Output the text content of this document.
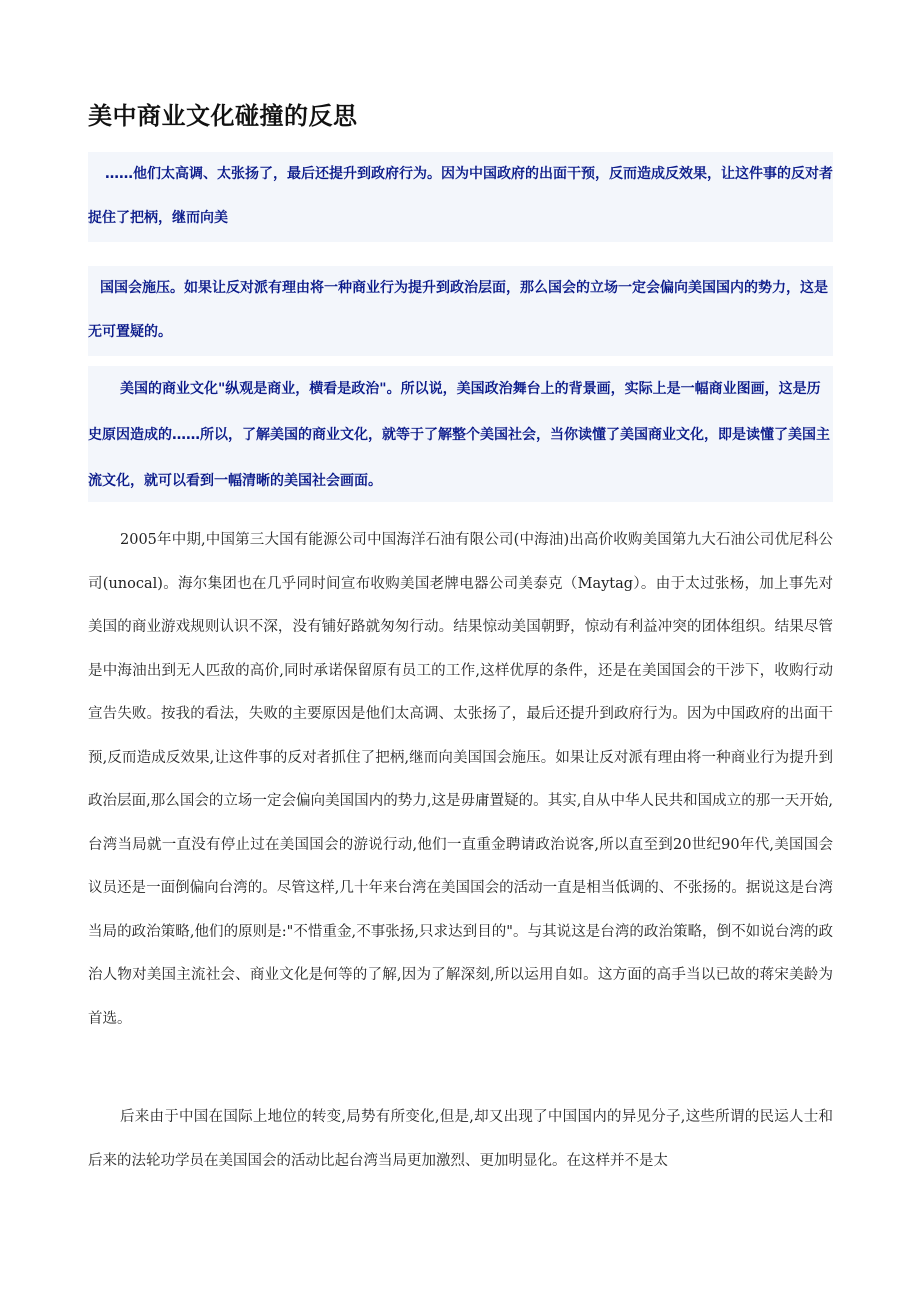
美中商业文化碰撞的反思

……他们太高调、太张扬了，最后还提升到政府行为。因为中国政府的出面干预，反而造成反效果，让这件事的反对者捉住了把柄，继而向美

国国会施压。如果让反对派有理由将一种商业行为提升到政治层面，那么国会的立场一定会偏向美国国内的势力，这是无可置疑的。

美国的商业文化"纵观是商业，横看是政治"。所以说，美国政治舞台上的背景画，实际上是一幅商业图画，这是历史原因造成的……所以，了解美国的商业文化，就等于了解整个美国社会，当你读懂了美国商业文化，即是读懂了美国主流文化，就可以看到一幅清晰的美国社会画面。

2005年中期,中国第三大国有能源公司中国海洋石油有限公司(中海油)出高价收购美国第九大石油公司优尼科公司(unocal)。海尔集团也在几乎同时间宣布收购美国老牌电器公司美泰克（Maytag）。由于太过张杨，加上事先对美国的商业游戏规则认识不深，没有铺好路就匆匆行动。结果惊动美国朝野，惊动有利益冲突的团体组织。结果尽管是中海油出到无人匹敌的高价,同时承诺保留原有员工的工作,这样优厚的条件，还是在美国国会的干涉下，收购行动宣告失败。按我的看法，失败的主要原因是他们太高调、太张扬了，最后还提升到政府行为。因为中国政府的出面干预,反而造成反效果,让这件事的反对者抓住了把柄,继而向美国国会施压。如果让反对派有理由将一种商业行为提升到政治层面,那么国会的立场一定会偏向美国国内的势力,这是毋庸置疑的。其实,自从中华人民共和国成立的那一天开始,台湾当局就一直没有停止过在美国国会的游说行动,他们一直重金聘请政治说客,所以直至到20世纪90年代,美国国会议员还是一面倒偏向台湾的。尽管这样,几十年来台湾在美国国会的活动一直是相当低调的、不张扬的。据说这是台湾当局的政治策略,他们的原则是:"不惜重金,不事张扬,只求达到目的"。与其说这是台湾的政治策略，倒不如说台湾的政治人物对美国主流社会、商业文化是何等的了解,因为了解深刻,所以运用自如。这方面的高手当以已故的蒋宋美龄为首选。

后来由于中国在国际上地位的转变,局势有所变化,但是,却又出现了中国国内的异见分子,这些所谓的民运人士和后来的法轮功学员在美国国会的活动比起台湾当局更加激烈、更加明显化。在这样并不是太
